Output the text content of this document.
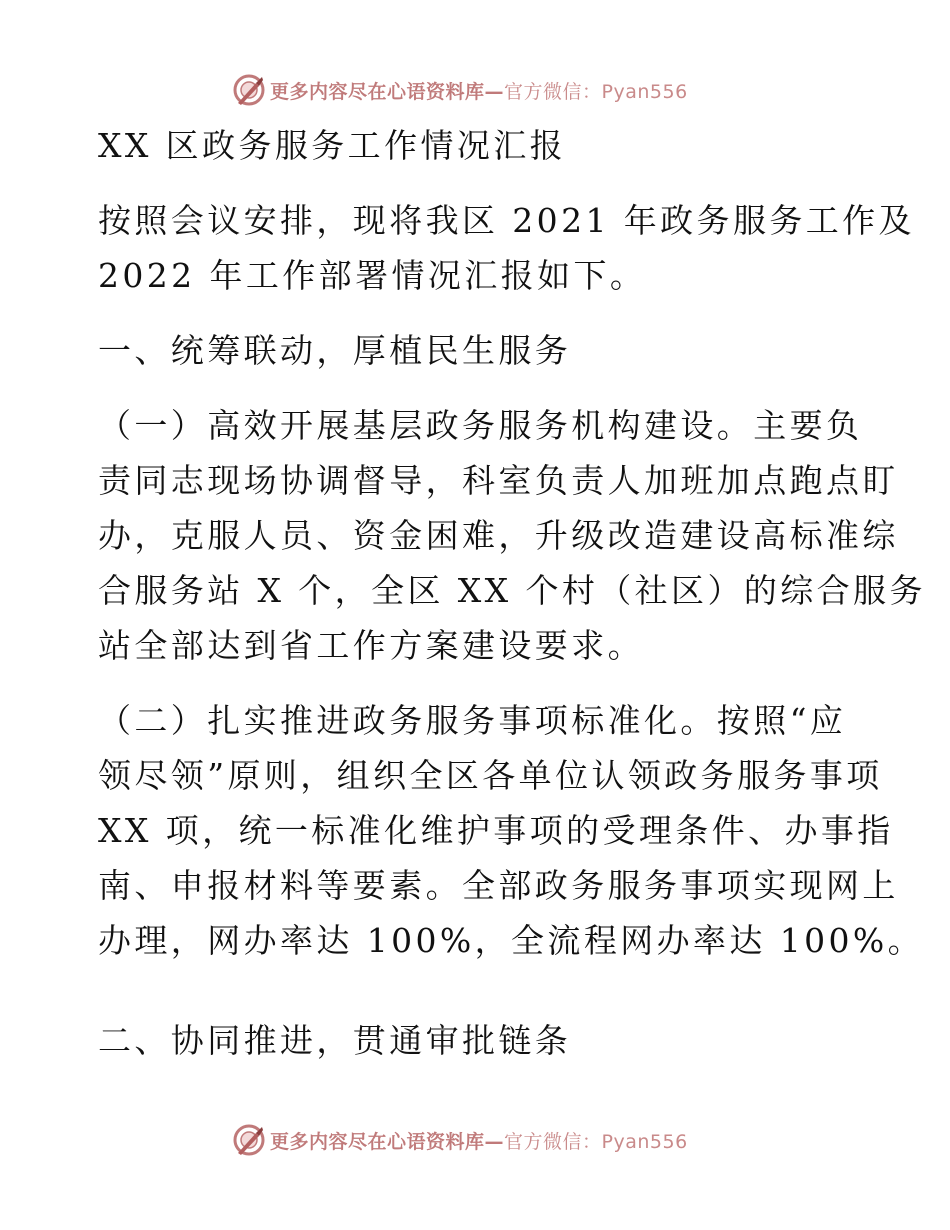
更多内容尽在心语资料库—官方微信：Pyan556
XX 区政务服务工作情况汇报
按照会议安排，现将我区 2021 年政务服务工作及
2022 年工作部署情况汇报如下。
一、统筹联动，厚植民生服务
（一）高效开展基层政务服务机构建设。主要负
责同志现场协调督导，科室负责人加班加点跑点盯
办，克服人员、资金困难，升级改造建设高标准综
合服务站 X 个，全区 XX 个村（社区）的综合服务
站全部达到省工作方案建设要求。
（二）扎实推进政务服务事项标准化。按照“应
领尽领”原则，组织全区各单位认领政务服务事项
XX 项，统一标准化维护事项的受理条件、办事指
南、申报材料等要素。全部政务服务事项实现网上
办理，网办率达 100%，全流程网办率达 100%。
二、协同推进，贯通审批链条
更多内容尽在心语资料库—官方微信：Pyan556
